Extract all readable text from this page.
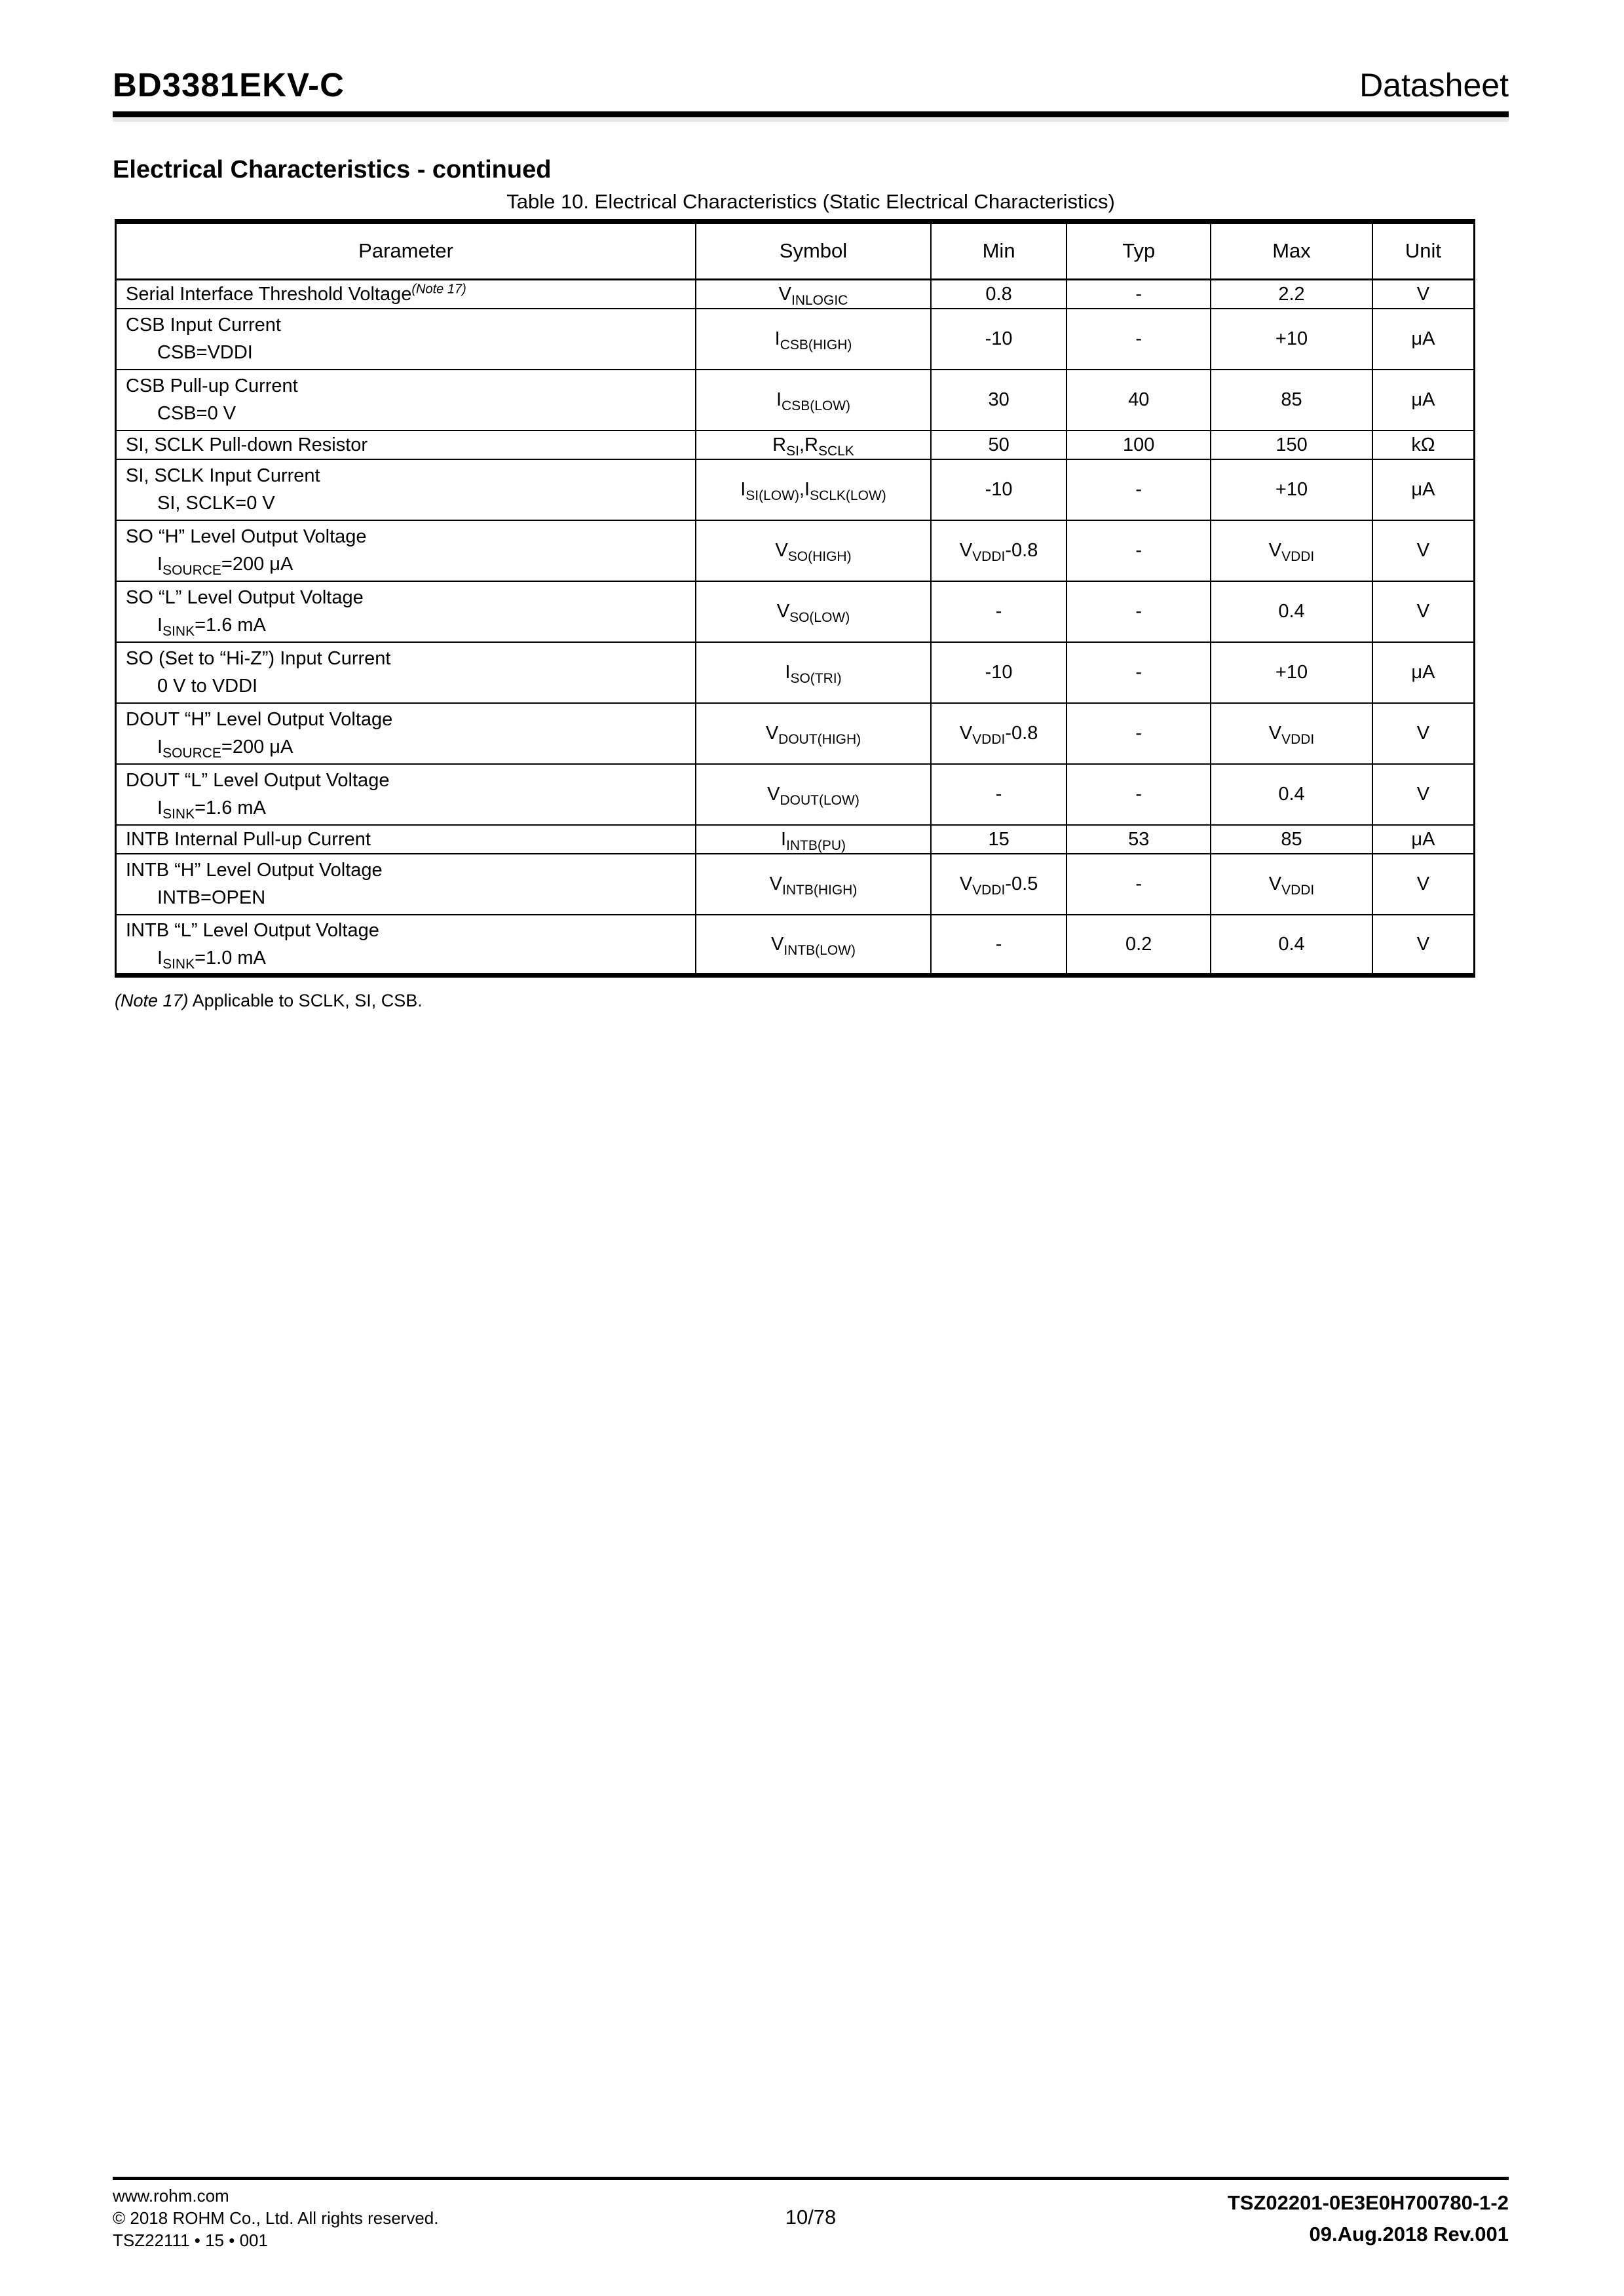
BD3381EKV-C	Datasheet
Electrical Characteristics - continued
Table 10. Electrical Characteristics (Static Electrical Characteristics)
Parameter	Symbol	Min	Typ	Max	Unit

Serial Interface Threshold Voltage$^{(Note 17)}$	$V_{INLOGIC}$	0.8	-	2.2	V

CSB Input Current
CSB=VDDI	$I_{CSB(HIGH)}$	-10	-	+10	μA

CSB Pull-up Current
CSB=0 V	$I_{CSB(LOW)}$	30	40	85	μA

SI, SCLK Pull-down Resistor	$R_{SI},R_{SCLK}$	50	100	150	kΩ

SI, SCLK Input Current
SI, SCLK=0 V	$I_{SI(LOW)},I_{SCLK(LOW)}$	-10	-	+10	μA

SO “H” Level Output Voltage
$I_{SOURCE}=200$ μA	$V_{SO(HIGH)}$	$V_{VDDI}-0.8$	-	$V_{VDDI}$	V

SO “L” Level Output Voltage
$I_{SINK}=1.6$ mA	$V_{SO(LOW)}$	-	-	0.4	V

SO (Set to “Hi-Z”) Input Current
0 V to VDDI	$I_{SO(TRI)}$	-10	-	+10	μA

DOUT “H” Level Output Voltage
$I_{SOURCE}=200$ μA	$V_{DOUT(HIGH)}$	$V_{VDDI}-0.8$	-	$V_{VDDI}$	V

DOUT “L” Level Output Voltage
$I_{SINK}=1.6$ mA	$V_{DOUT(LOW)}$	-	-	0.4	V

INTB Internal Pull-up Current	$I_{INTB(PU)}$	15	53	85	μA

INTB “H” Level Output Voltage
INTB=OPEN	$V_{INTB(HIGH)}$	$V_{VDDI}-0.5$	-	$V_{VDDI}$	V

INTB “L” Level Output Voltage
$I_{SINK}=1.0$ mA	$V_{INTB(LOW)}$	-	0.2	0.4	V
(Note 17) Applicable to SCLK, SI, CSB.
www.rohm.com
© 2018 ROHM Co., Ltd. All rights reserved.
TSZ22111 • 15 • 001
10/78
TSZ02201-0E3E0H700780-1-2
09.Aug.2018 Rev.001
